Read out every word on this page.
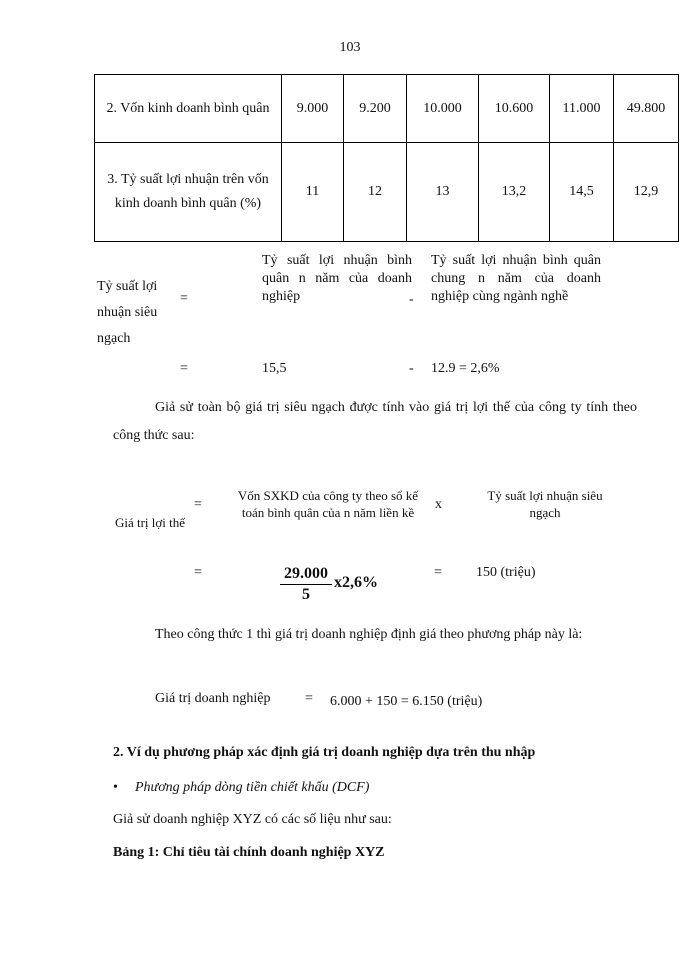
103
2. Vốn kinh doanh bình quân	9.000	9.200	10.000	10.600	11.000	49.800
3. Tỷ suất lợi nhuận trên vốn kinh doanh bình quân (%)	11	12	13	13,2	14,5	12,9
Tỷ suất lợi nhuận siêu ngạch
=
Tỷ suất lợi nhuận bình quân n năm của doanh nghiệp	-
Tỷ suất lợi nhuận bình quân chung n năm của doanh nghiệp cùng ngành nghề
=	15,5	- 12.9 = 2,6%
Giả sử toàn bộ giá trị siêu ngạch được tính vào giá trị lợi thế của công ty tính theo công thức sau:
Giá trị lợi thế
=
Vốn SXKD của công ty theo sổ kế toán bình quân của n năm liền kề
x
Tỷ suất lợi nhuận siêu ngạch
=	29.000
5
x2,6%
= 150 (triệu)
Theo công thức 1 thì giá trị doanh nghiệp định giá theo phương pháp này là:
Giá trị doanh nghiệp = 6.000 + 150 = 6.150 (triệu)
2. Ví dụ phương pháp xác định giá trị doanh nghiệp dựa trên thu nhập
• Phương pháp dòng tiền chiết khấu (DCF)
Giả sử doanh nghiệp XYZ có các số liệu như sau:
Bảng 1: Chỉ tiêu tài chính doanh nghiệp XYZ
